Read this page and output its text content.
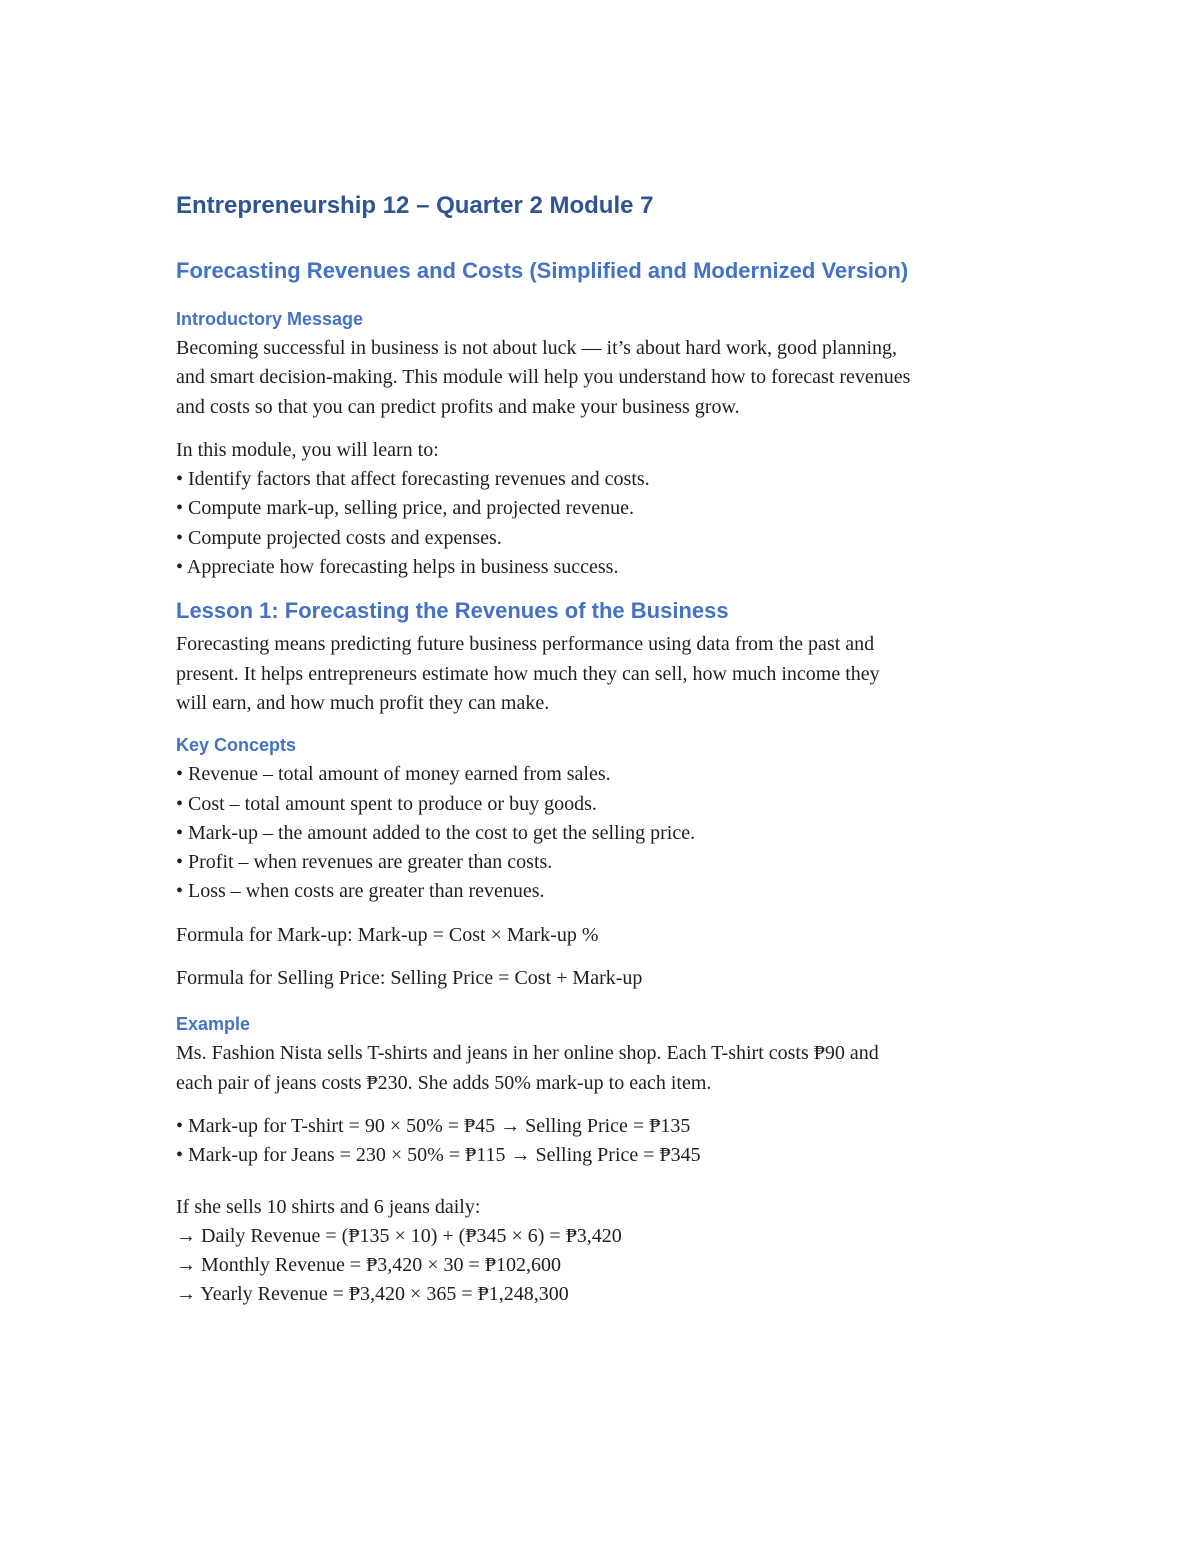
Entrepreneurship 12 – Quarter 2 Module 7
Forecasting Revenues and Costs (Simplified and Modernized Version)
Introductory Message
Becoming successful in business is not about luck — it’s about hard work, good planning,
and smart decision-making. This module will help you understand how to forecast revenues
and costs so that you can predict profits and make your business grow.
In this module, you will learn to:
• Identify factors that affect forecasting revenues and costs.
• Compute mark-up, selling price, and projected revenue.
• Compute projected costs and expenses.
• Appreciate how forecasting helps in business success.
Lesson 1: Forecasting the Revenues of the Business
Forecasting means predicting future business performance using data from the past and
present. It helps entrepreneurs estimate how much they can sell, how much income they
will earn, and how much profit they can make.
Key Concepts
• Revenue – total amount of money earned from sales.
• Cost – total amount spent to produce or buy goods.
• Mark-up – the amount added to the cost to get the selling price.
• Profit – when revenues are greater than costs.
• Loss – when costs are greater than revenues.
Formula for Mark-up: Mark-up = Cost × Mark-up %
Formula for Selling Price: Selling Price = Cost + Mark-up
Example
Ms. Fashion Nista sells T-shirts and jeans in her online shop. Each T-shirt costs ₱90 and
each pair of jeans costs ₱230. She adds 50% mark-up to each item.
• Mark-up for T-shirt = 90 × 50% = ₱45 → Selling Price = ₱135
• Mark-up for Jeans = 230 × 50% = ₱115 → Selling Price = ₱345
If she sells 10 shirts and 6 jeans daily:
→ Daily Revenue = (₱135 × 10) + (₱345 × 6) = ₱3,420
→ Monthly Revenue = ₱3,420 × 30 = ₱102,600
→ Yearly Revenue = ₱3,420 × 365 = ₱1,248,300
